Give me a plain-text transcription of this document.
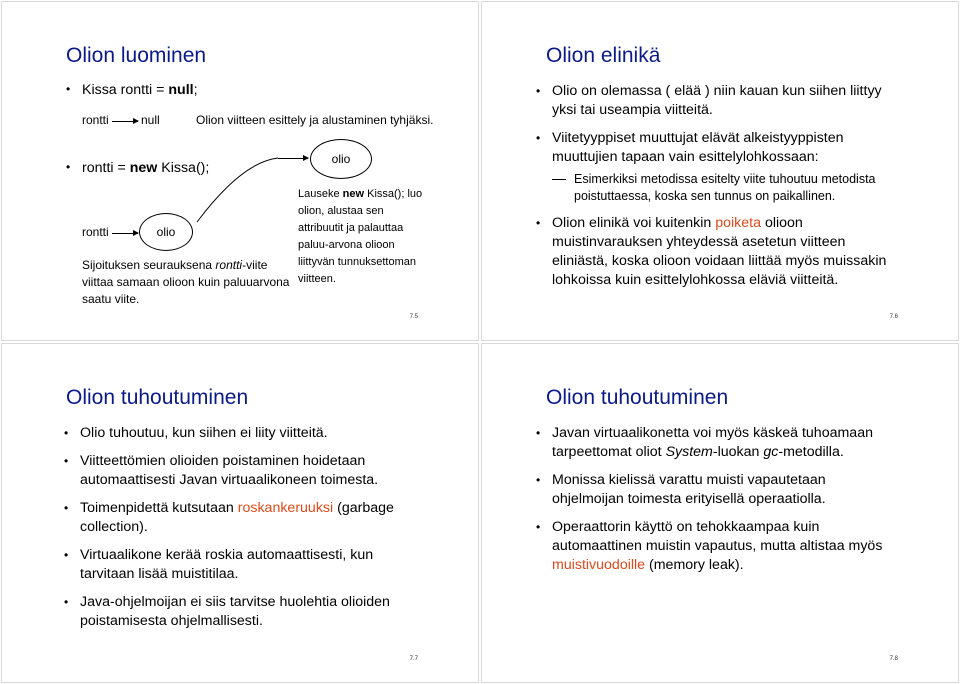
Olion luominen
• Kissa rontti = null;
rontti	null	Olion viitteen esittely ja alustaminen tyhjäksi.
• rontti = new Kissa();
rontti	olio
olio
Sijoituksen seurauksena rontti-viite
viittaa samaan olioon kuin paluuarvona
saatu viite.
Lauseke new Kissa(); luo
olion, alustaa sen
attribuutit ja palauttaa
paluu-arvona olioon
liittyvän tunnuksettoman
viitteen.
7.5
Olion elinikä
• Olio on olemassa ( elää ) niin kauan kun siihen liittyy yksi tai useampia viitteitä.
• Viitetyyppiset muuttujat elävät alkeistyyppisten muuttujien tapaan vain esittelylohkossaan:
Esimerkiksi metodissa esitelty viite tuhoutuu metodista poistuttaessa, koska sen tunnus on paikallinen.
• Olion elinikä voi kuitenkin poiketa olioon muistinvarauksen yhteydessä asetetun viitteen eliniästä, koska olioon voidaan liittää myös muissakin lohkoissa kuin esittelylohkossa eläviä viitteitä.
7.6
Olion tuhoutuminen
• Olio tuhoutuu, kun siihen ei liity viitteitä.
• Viitteettömien olioiden poistaminen hoidetaan automaattisesti Javan virtuaalikoneen toimesta.
• Toimenpidettä kutsutaan roskankeruuksi (garbage collection).
• Virtuaalikone kerää roskia automaattisesti, kun tarvitaan lisää muistitilaa.
• Java-ohjelmoijan ei siis tarvitse huolehtia olioiden poistamisesta ohjelmallisesti.
7.7
Olion tuhoutuminen
• Javan virtuaalikonetta voi myös käskeä tuhoamaan tarpeettomat oliot System-luokan gc-metodilla.
• Monissa kielissä varattu muisti vapautetaan ohjelmoijan toimesta erityisellä operaatiolla.
• Operaattorin käyttö on tehokkaampaa kuin automaattinen muistin vapautus, mutta altistaa myös muistivuodoille (memory leak).
7.8
